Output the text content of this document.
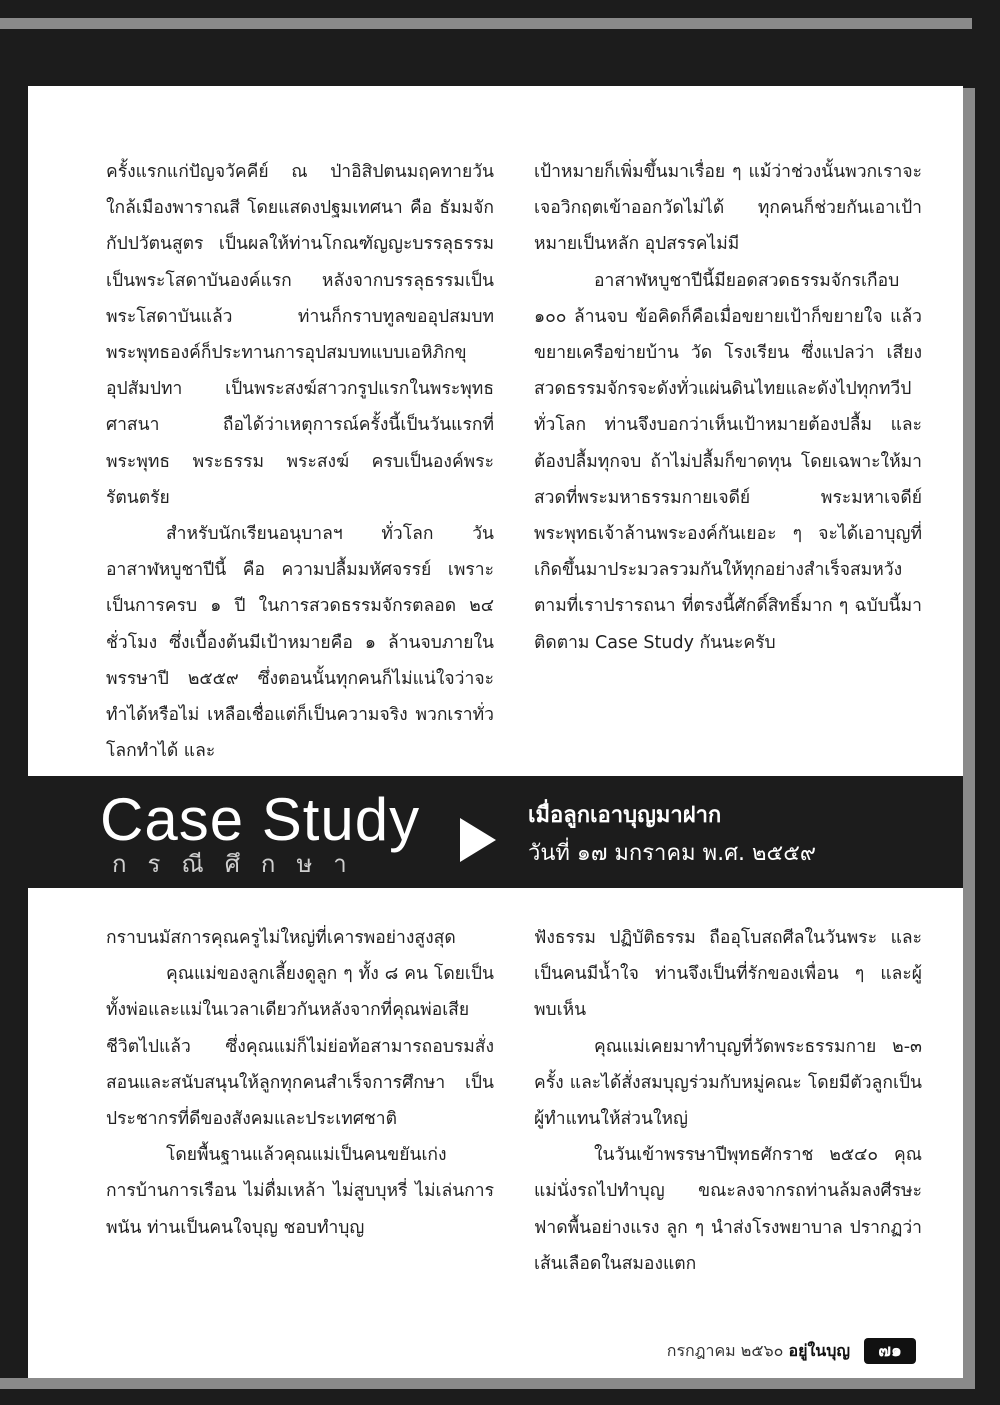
ครั้งแรกแก่ปัญจวัคคีย์ ณ ป่าอิสิปตนมฤคทายวัน ใกล้เมืองพาราณสี โดยแสดงปฐมเทศนา คือ ธัมมจักกัปปวัตนสูตร เป็นผลให้ท่านโกณฑัญญะบรรลุธรรมเป็นพระโสดาบันองค์แรก หลังจากบรรลุธรรมเป็นพระโสดาบันแล้ว ท่านก็กราบทูลขออุปสมบท พระพุทธองค์ก็ประทานการอุปสมบทแบบเอหิภิกขุอุปสัมปทา เป็นพระสงฆ์สาวกรูปแรกในพระพุทธศาสนา ถือได้ว่าเหตุการณ์ครั้งนี้เป็นวันแรกที่พระพุทธ พระธรรม พระสงฆ์ ครบเป็นองค์พระรัตนตรัย

สำหรับนักเรียนอนุบาลฯ ทั่วโลก วันอาสาฬหบูชาปีนี้ คือ ความปลื้มมหัศจรรย์ เพราะเป็นการครบ ๑ ปี ในการสวดธรรมจักรตลอด ๒๔ ชั่วโมง ซึ่งเบื้องต้นมีเป้าหมายคือ ๑ ล้านจบภายในพรรษาปี ๒๕๕๙ ซึ่งตอนนั้นทุกคนก็ไม่แน่ใจว่าจะทำได้หรือไม่ เหลือเชื่อแต่ก็เป็นความจริง พวกเราทั่วโลกทำได้ และ

เป้าหมายก็เพิ่มขึ้นมาเรื่อย ๆ แม้ว่าช่วงนั้นพวกเราจะเจอวิกฤตเข้าออกวัดไม่ได้ ทุกคนก็ช่วยกันเอาเป้าหมายเป็นหลัก อุปสรรคไม่มี

อาสาฬหบูชาปีนี้มียอดสวดธรรมจักรเกือบ ๑๐๐ ล้านจบ ข้อคิดก็คือเมื่อขยายเป้าก็ขยายใจ แล้วขยายเครือข่ายบ้าน วัด โรงเรียน ซึ่งแปลว่า เสียงสวดธรรมจักรจะดังทั่วแผ่นดินไทยและดังไปทุกทวีปทั่วโลก ท่านจึงบอกว่าเห็นเป้าหมายต้องปลื้ม และต้องปลื้มทุกจบ ถ้าไม่ปลื้มก็ขาดทุน โดยเฉพาะให้มาสวดที่พระมหาธรรมกายเจดีย์ พระมหาเจดีย์พระพุทธเจ้าล้านพระองค์กันเยอะ ๆ จะได้เอาบุญที่เกิดขึ้นมาประมวลรวมกันให้ทุกอย่างสำเร็จสมหวังตามที่เราปรารถนา ที่ตรงนี้ศักดิ์สิทธิ์มาก ๆ ฉบับนี้มาติดตาม Case Study กันนะครับ

Case Study
กรณีศึกษา
เมื่อลูกเอาบุญมาฝาก
วันที่ ๑๗ มกราคม พ.ศ. ๒๕๕๙

กราบนมัสการคุณครูไม่ใหญ่ที่เคารพอย่างสูงสุด

คุณแม่ของลูกเลี้ยงดูลูก ๆ ทั้ง ๘ คน โดยเป็นทั้งพ่อและแม่ในเวลาเดียวกันหลังจากที่คุณพ่อเสียชีวิตไปแล้ว ซึ่งคุณแม่ก็ไม่ย่อท้อสามารถอบรมสั่งสอนและสนับสนุนให้ลูกทุกคนสำเร็จการศึกษา เป็นประชากรที่ดีของสังคมและประเทศชาติ

โดยพื้นฐานแล้วคุณแม่เป็นคนขยันเก่งการบ้านการเรือน ไม่ดื่มเหล้า ไม่สูบบุหรี่ ไม่เล่นการพนัน ท่านเป็นคนใจบุญ ชอบทำบุญ

ฟังธรรม ปฏิบัติธรรม ถืออุโบสถศีลในวันพระ และเป็นคนมีน้ำใจ ท่านจึงเป็นที่รักของเพื่อน ๆ และผู้พบเห็น

คุณแม่เคยมาทำบุญที่วัดพระธรรมกาย ๒-๓ ครั้ง และได้สั่งสมบุญร่วมกับหมู่คณะ โดยมีตัวลูกเป็นผู้ทำแทนให้ส่วนใหญ่

ในวันเข้าพรรษาปีพุทธศักราช ๒๕๔๐ คุณแม่นั่งรถไปทำบุญ ขณะลงจากรถท่านล้มลงศีรษะฟาดพื้นอย่างแรง ลูก ๆ นำส่งโรงพยาบาล ปรากฏว่าเส้นเลือดในสมองแตก

กรกฎาคม ๒๕๖๐ อยู่ในบุญ	๗๑
